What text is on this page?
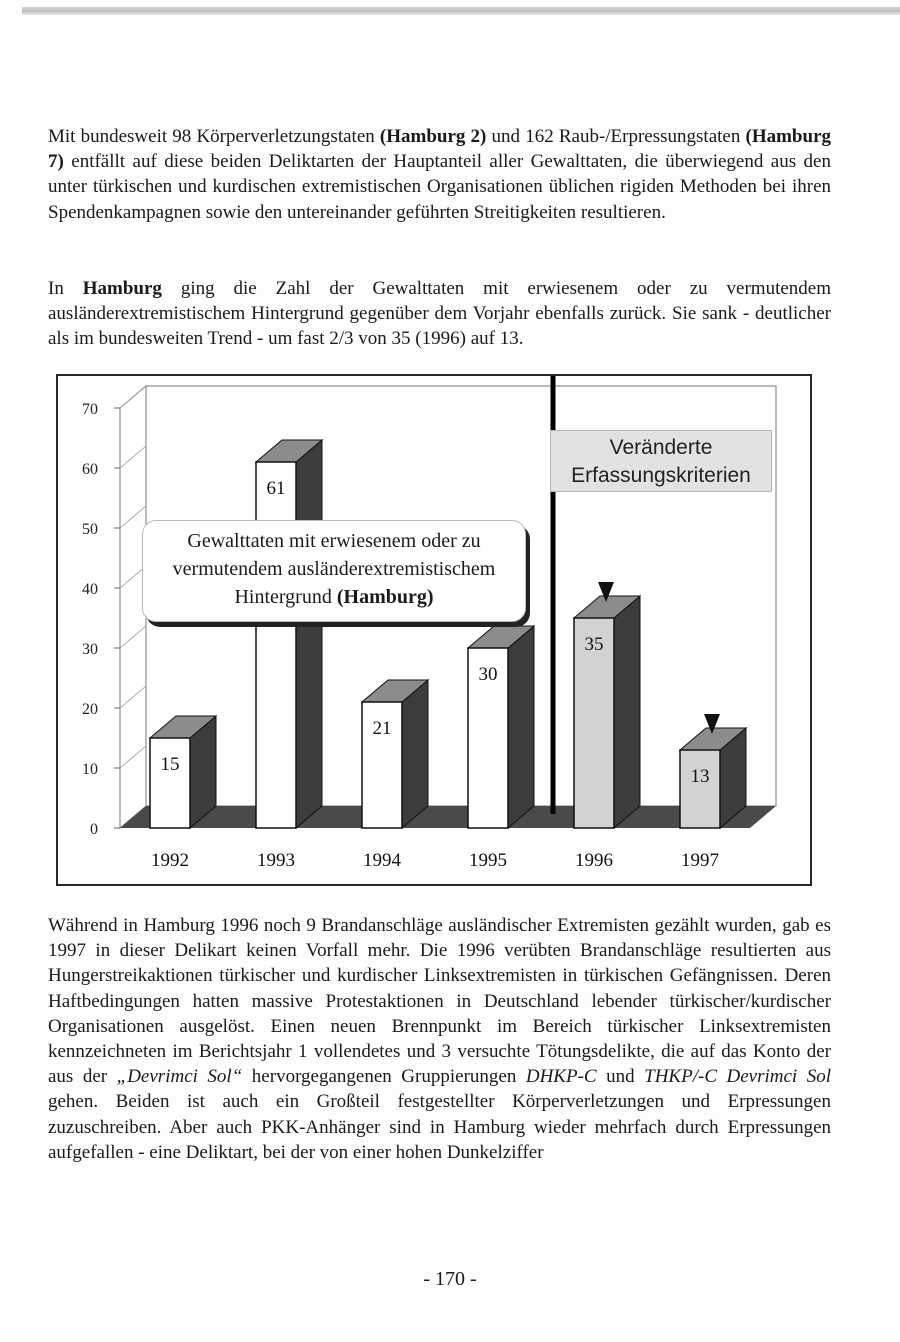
Mit bundesweit 98 Körperverletzungstaten (Hamburg 2) und 162 Raub-/Erpressungstaten (Hamburg 7) entfällt auf diese beiden Deliktarten der Hauptanteil aller Gewalttaten, die überwiegend aus den unter türkischen und kurdischen extremistischen Organisationen üblichen rigiden Methoden bei ihren Spendenkampagnen sowie den untereinander geführten Streitigkeiten resultieren.

In Hamburg ging die Zahl der Gewalttaten mit erwiesenem oder zu vermutendem ausländerextremistischem Hintergrund gegenüber dem Vorjahr ebenfalls zurück. Sie sank - deutlicher als im bundesweiten Trend - um fast 2/3 von 35 (1996) auf 13.

0
10
20
30
40
50
60
70
15
1992
61
1993
21
1994
30
1995
35
1996
13
1997
Gewalttaten mit erwiesenem oder zu
vermutendem ausländerextremistischem
Hintergrund (Hamburg)
Veränderte
Erfassungskriterien

Während in Hamburg 1996 noch 9 Brandanschläge ausländischer Extremisten gezählt wurden, gab es 1997 in dieser Delikart keinen Vorfall mehr. Die 1996 verübten Brandanschläge resultierten aus Hungerstreikaktionen türkischer und kurdischer Linksextremisten in türkischen Gefängnissen. Deren Haftbedingungen hatten massive Protestaktionen in Deutschland lebender türkischer/kurdischer Organisationen ausgelöst. Einen neuen Brennpunkt im Bereich türkischer Linksextremisten kennzeichneten im Berichtsjahr 1 vollendetes und 3 versuchte Tötungsdelikte, die auf das Konto der aus der „Devrimci Sol“ hervorgegangenen Gruppierungen DHKP-C und THKP/-C Devrimci Sol gehen. Beiden ist auch ein Großteil festgestellter Körperverletzungen und Erpressungen zuzuschreiben. Aber auch PKK-Anhänger sind in Hamburg wieder mehrfach durch Erpressungen aufgefallen - eine Deliktart, bei der von einer hohen Dunkelziffer

- 170 -
